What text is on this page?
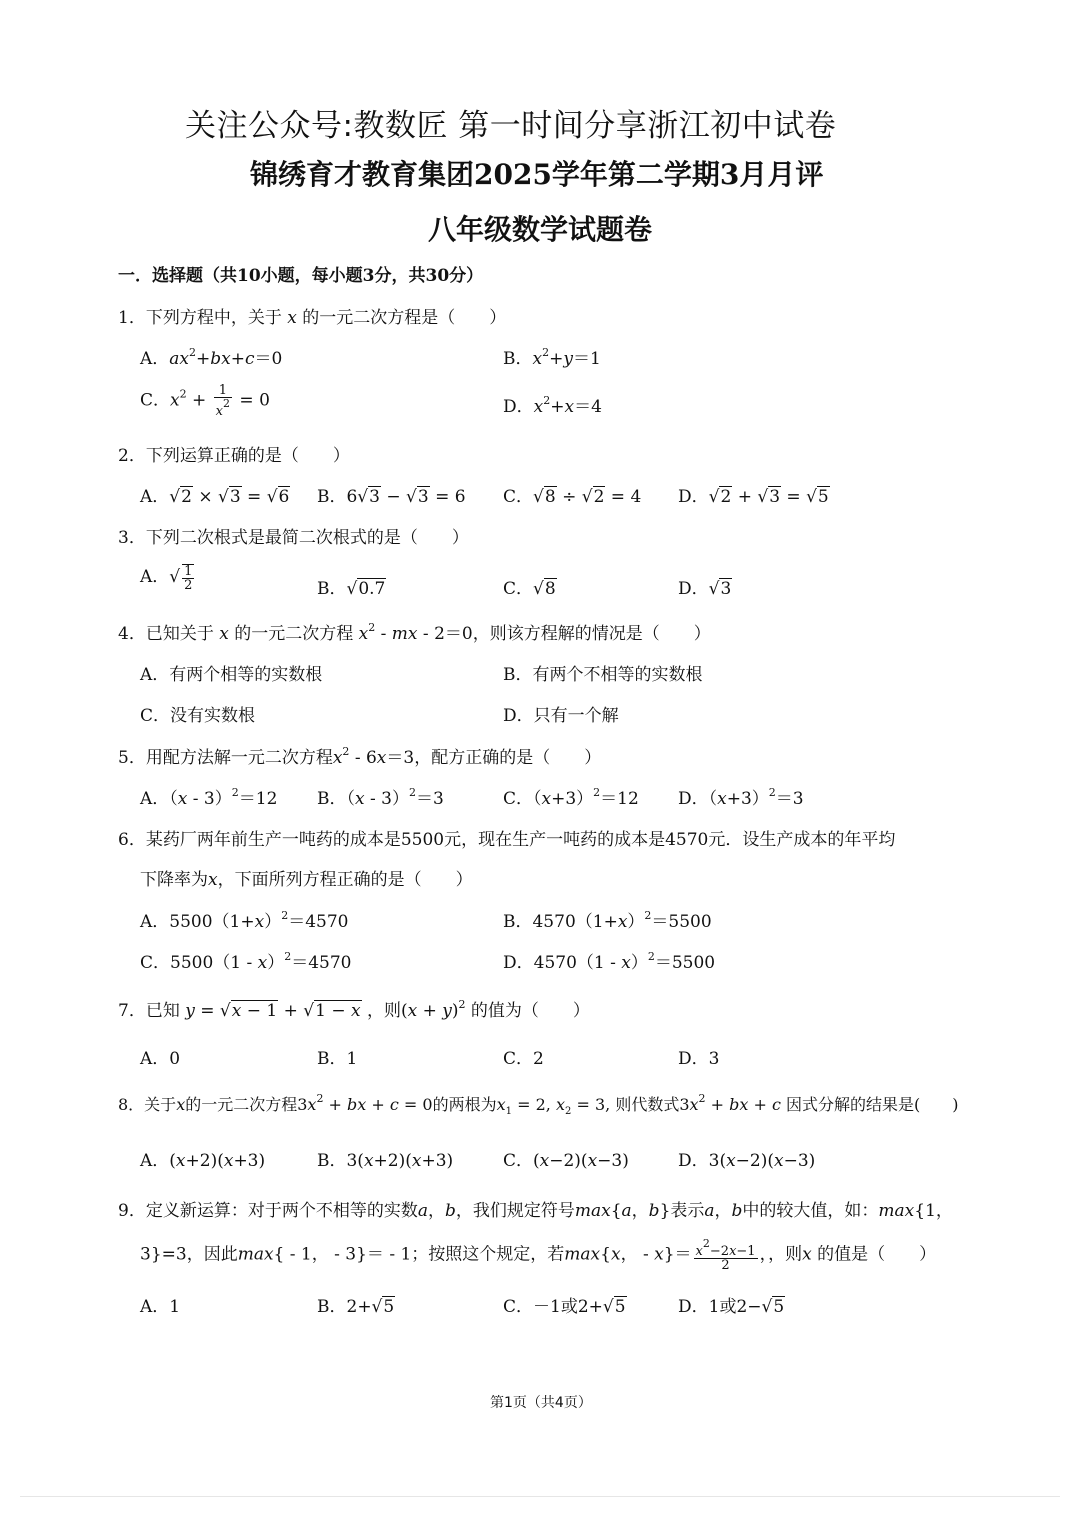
关注公众号:教数匠 第一时间分享浙江初中试卷
锦绣育才教育集团2025学年第二学期3月月评
八年级数学试题卷
一．选择题（共10小题，每小题3分，共30分）
1．下列方程中，关于 x 的一元二次方程是（　　）
A．$ax^2+bx+c=0$	B．$x^2+y=1$
C．$x^2 + \frac{1}{x^2} = 0$	D．$x^2+x=4$
2．下列运算正确的是（　　）
A．√2 × √3 = √6 B．6√3 − √3 = 6 C．√8 ÷ √2 = 4 D．√2 + √3 = √5
3．下列二次根式是最简二次根式的是（　　）
A．√ $\frac{1}{2}$	B．√0.7	C．√8	D．√3
4．已知关于 x 的一元二次方程 $x^2$ - mx - 2＝0，则该方程解的情况是（　　）
A．有两个相等的实数根	B．有两个不相等的实数根
C．没有实数根	D．只有一个解
5．用配方法解一元二次方程$x^2 - 6x=3$，配方正确的是（　　）
A．（x - 3）$^2$＝12 B．（x - 3）$^2$＝3	C．$(x+3)^2=12$ D．$(x+3)^2=3$
6．某药厂两年前生产一吨药的成本是5500元，现在生产一吨药的成本是4570元．设生产成本的年平均
下降率为x，下面所列方程正确的是（　　）
A．$5500(1+x)^2=4570$	B．$4570(1+x)^2=5500$
C．5500（1 - x）$^2$＝4570	D．4570（1 - x）$^2$＝5500
7．已知 y = √x − 1 + √1 − x ，则$(x + y)^2$ 的值为（　　）
A．0	B．1	C．2	D．3
8．关于x的一元二次方程$3x^2$ + bx + c = 0的两根为$x_1 = 2$, $x_2 = 3$, 则代数式$3x^2$ + bx + c 因式分解的结果是(　　)
A．(x+2)(x+3)	B．3(x+2)(x+3)	C．(x−2)(x−3)	D．3(x−2)(x−3)
9．定义新运算：对于两个不相等的实数a，b，我们规定符号max{a，b}表示a，b中的较大值，如：max{1，
3}=3，因此max{ - 1， - 3}＝ - 1；按照这个规定，若max{x， - $x\}= \frac{x^2-2x-1}{2}$ ，，则x 的值是（　　）
A．1	B．2+√5	C．－1或2+√5	D．1或2−√5
第1页（共4页）
